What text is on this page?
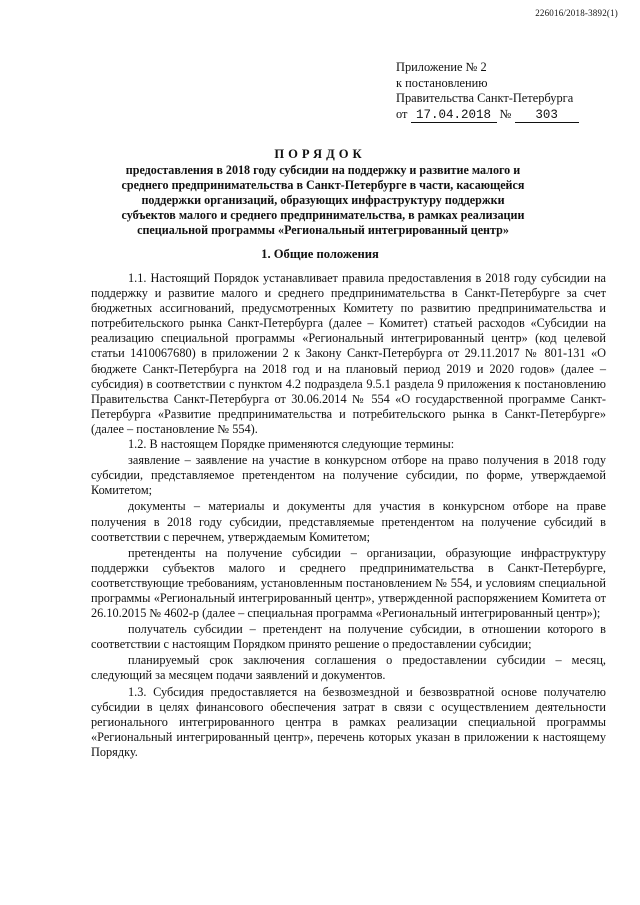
226016/2018-3892(1)
Приложение № 2
к постановлению
Правительства Санкт-Петербурга
от 17.04.2018 № 303
ПОРЯДОК
предоставления в 2018 году субсидии на поддержку и развитие малого и среднего предпринимательства в Санкт-Петербурге в части, касающейся поддержки организаций, образующих инфраструктуру поддержки субъектов малого и среднего предпринимательства, в рамках реализации специальной программы «Региональный интегрированный центр»
1. Общие положения

1.1. Настоящий Порядок устанавливает правила предоставления в 2018 году субсидии на поддержку и развитие малого и среднего предпринимательства в Санкт-Петербурге за счет бюджетных ассигнований, предусмотренных Комитету по развитию предпринимательства и потребительского рынка Санкт-Петербурга (далее – Комитет) статьей расходов «Субсидии на реализацию специальной программы «Региональный интегрированный центр» (код целевой статьи 1410067680) в приложении 2 к Закону Санкт-Петербурга от 29.11.2017 № 801-131 «О бюджете Санкт-Петербурга на 2018 год и на плановый период 2019 и 2020 годов» (далее – субсидия) в соответствии с пунктом 4.2 подраздела 9.5.1 раздела 9 приложения к постановлению Правительства Санкт-Петербурга от 30.06.2014 № 554 «О государственной программе Санкт-Петербурга «Развитие предпринимательства и потребительского рынка в Санкт-Петербурге» (далее – постановление № 554).

1.2. В настоящем Порядке применяются следующие термины:

заявление – заявление на участие в конкурсном отборе на право получения в 2018 году субсидии, представляемое претендентом на получение субсидии, по форме, утверждаемой Комитетом;

документы – материалы и документы для участия в конкурсном отборе на праве получения в 2018 году субсидии, представляемые претендентом на получение субсидий в соответствии с перечнем, утверждаемым Комитетом;

претенденты на получение субсидии – организации, образующие инфраструктуру поддержки субъектов малого и среднего предпринимательства в Санкт-Петербурге, соответствующие требованиям, установленным постановлением № 554, и условиям специальной программы «Региональный интегрированный центр», утвержденной распоряжением Комитета от 26.10.2015 № 4602-р (далее – специальная программа «Региональный интегрированный центр»);

получатель субсидии – претендент на получение субсидии, в отношении которого в соответствии с настоящим Порядком принято решение о предоставлении субсидии;

планируемый срок заключения соглашения о предоставлении субсидии – месяц, следующий за месяцем подачи заявлений и документов.

1.3. Субсидия предоставляется на безвозмездной и безвозвратной основе получателю субсидии в целях финансового обеспечения затрат в связи с осуществлением деятельности регионального интегрированного центра в рамках реализации специальной программы «Региональный интегрированный центр», перечень которых указан в приложении к настоящему Порядку.
